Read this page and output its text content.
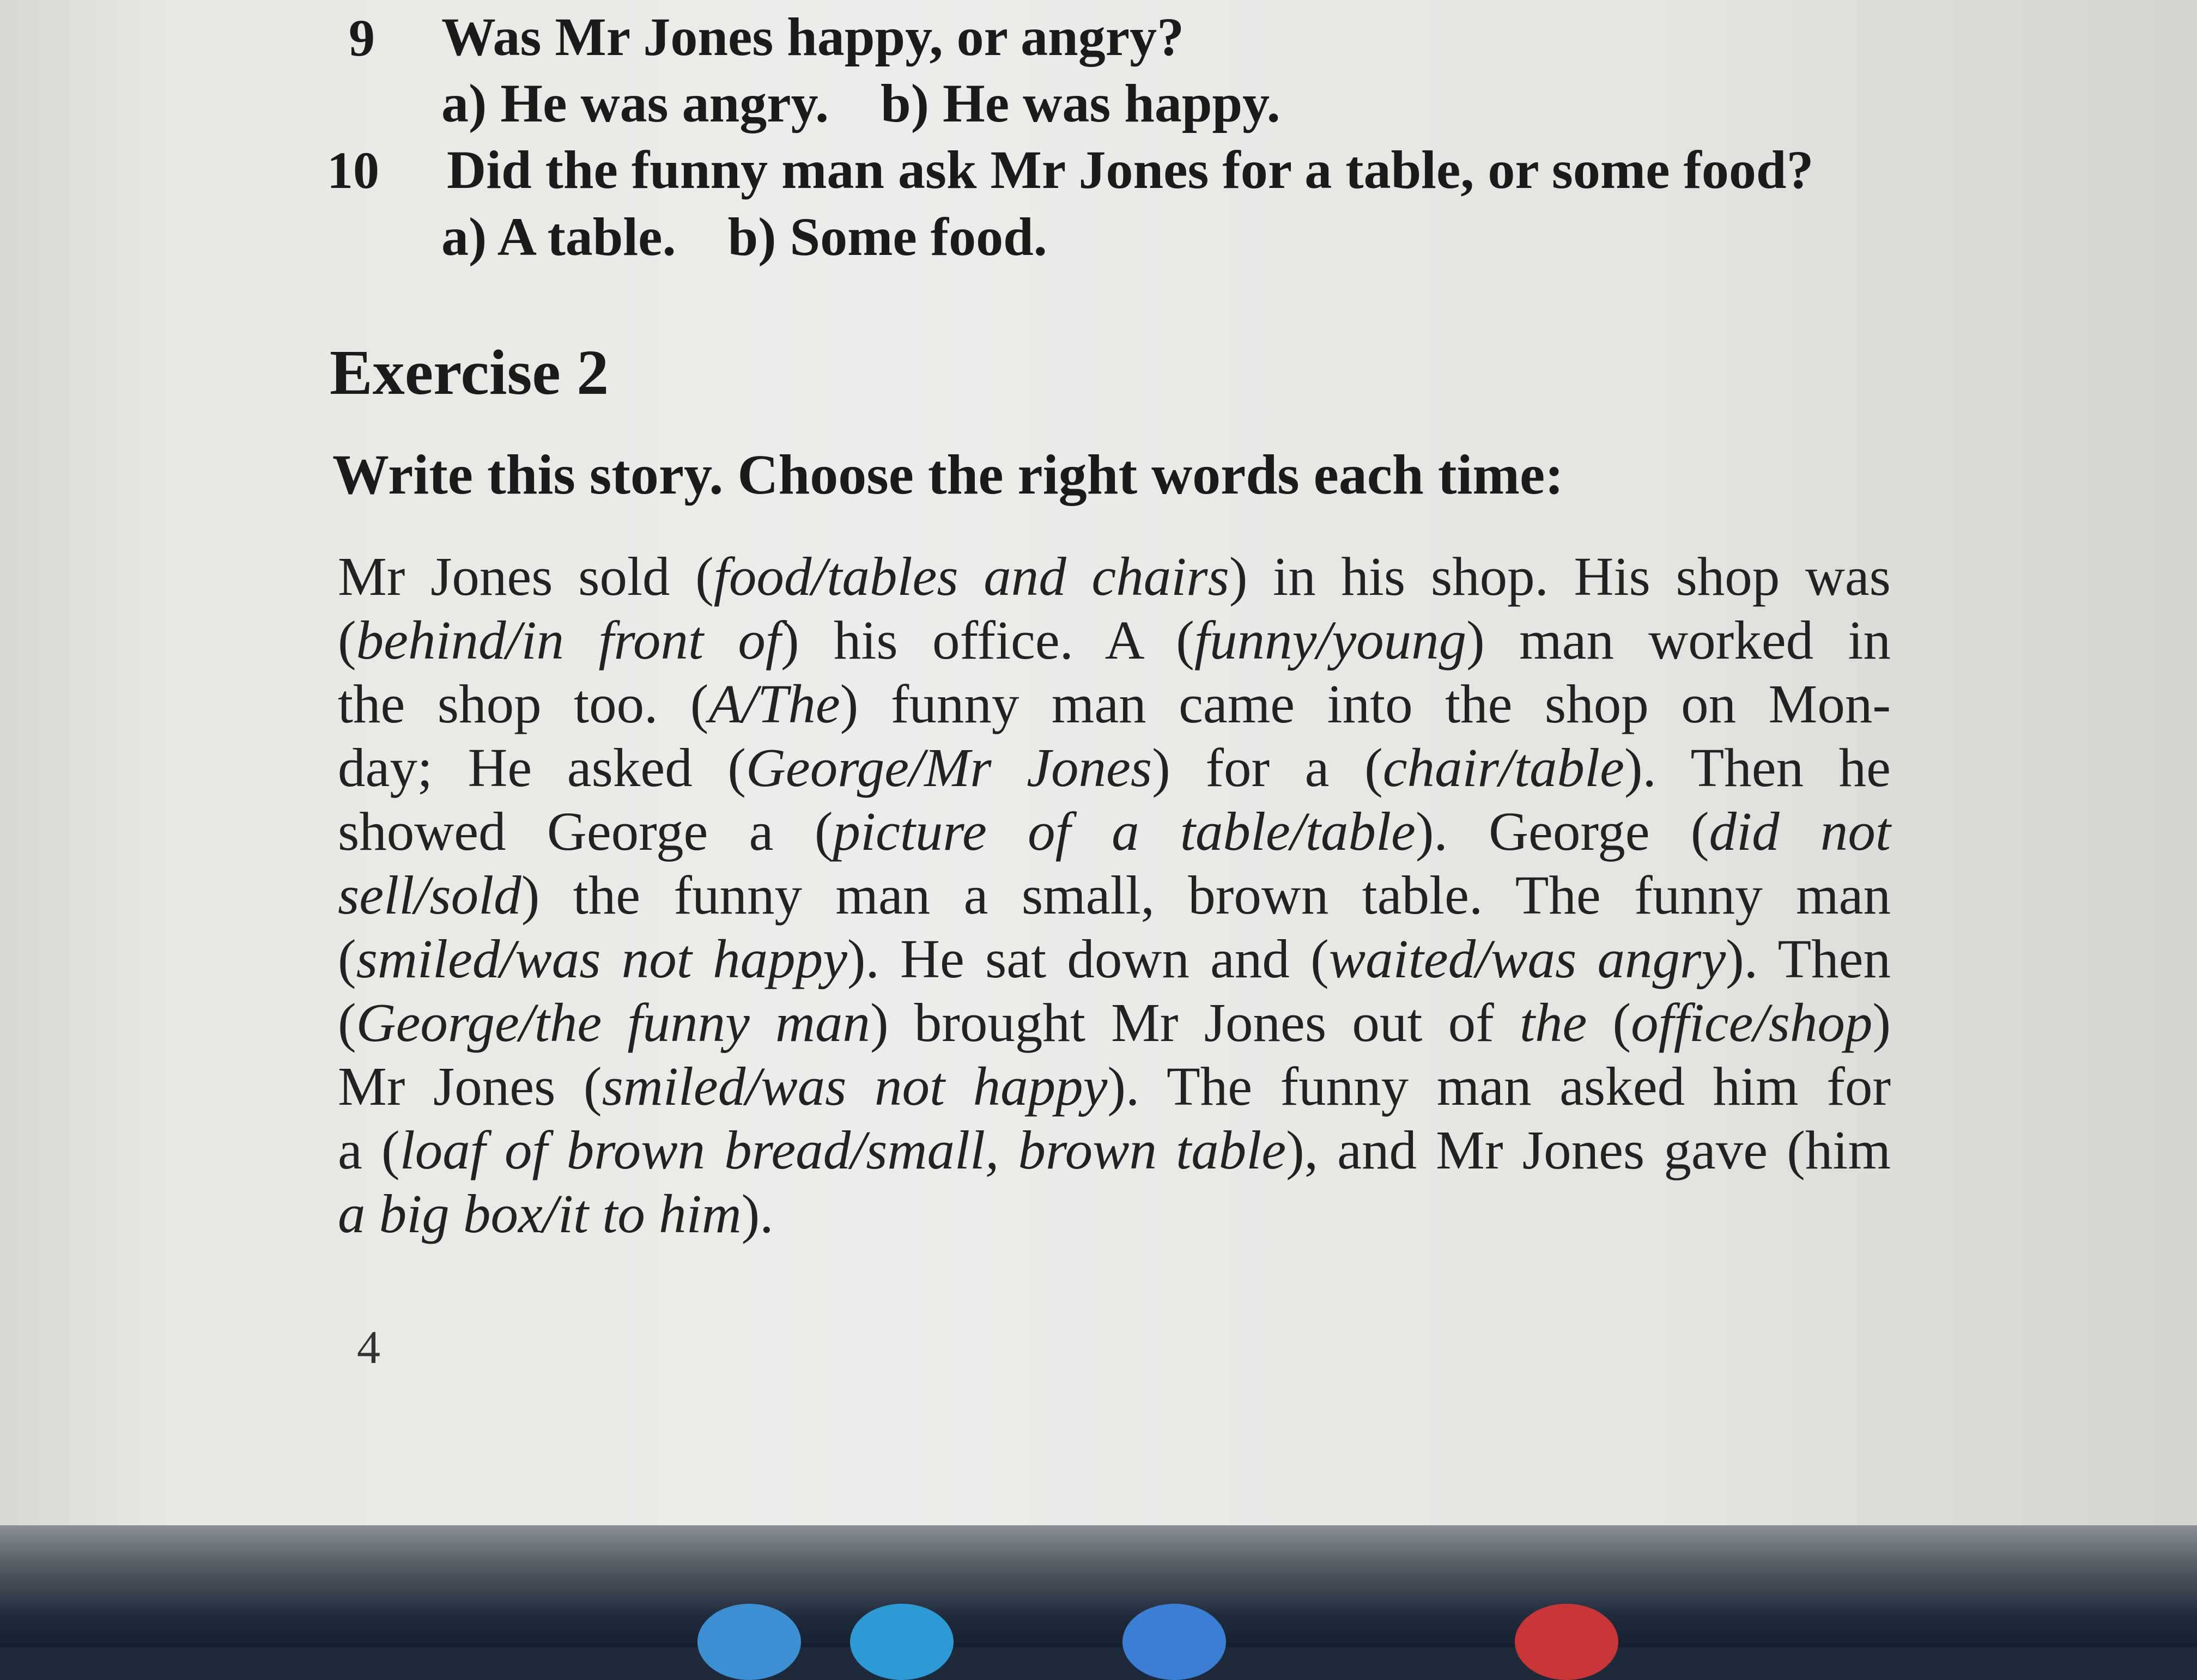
9 Was Mr Jones happy, or angry?
a) He was angry. b) He was happy.
10 Did the funny man ask Mr Jones for a table, or some food?
a) A table. b) Some food.
Exercise 2
Write this story. Choose the right words each time:
Mr Jones sold (food/tables and chairs) in his shop. His shop was
(behind/in front of) his office. A (funny/young) man worked in
the shop too. (A/The) funny man came into the shop on Mon-
day; He asked (George/Mr Jones) for a (chair/table). Then he
showed George a (picture of a table/table). George (did not
sell/sold) the funny man a small, brown table. The funny man
(smiled/was not happy). He sat down and (waited/was angry). Then
(George/the funny man) brought Mr Jones out of the (office/shop)
Mr Jones (smiled/was not happy). The funny man asked him for
a (loaf of brown bread/small, brown table), and Mr Jones gave (him
a big box/it to him).
4
